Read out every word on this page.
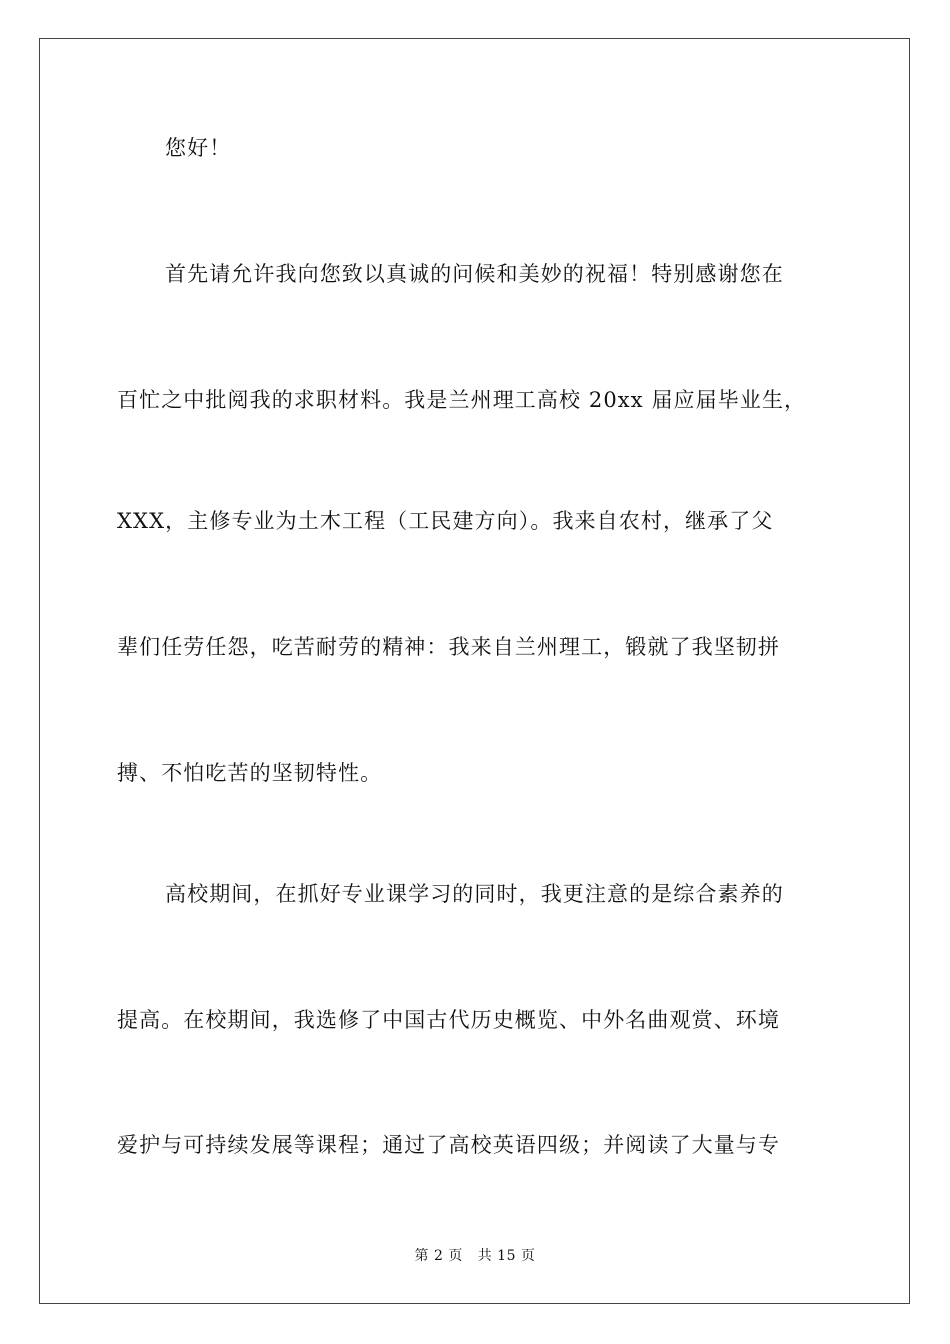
您好！
首先请允许我向您致以真诚的问候和美妙的祝福！特别感谢您在
百忙之中批阅我的求职材料。我是兰州理工高校 20xx 届应届毕业生，
XXX，主修专业为土木工程（工民建方向）。我来自农村，继承了父
辈们任劳任怨，吃苦耐劳的精神：我来自兰州理工，锻就了我坚韧拼
搏、不怕吃苦的坚韧特性。
高校期间，在抓好专业课学习的同时，我更注意的是综合素养的
提高。在校期间，我选修了中国古代历史概览、中外名曲观赏、环境
爱护与可持续发展等课程；通过了高校英语四级；并阅读了大量与专
第 2 页 共 15 页
